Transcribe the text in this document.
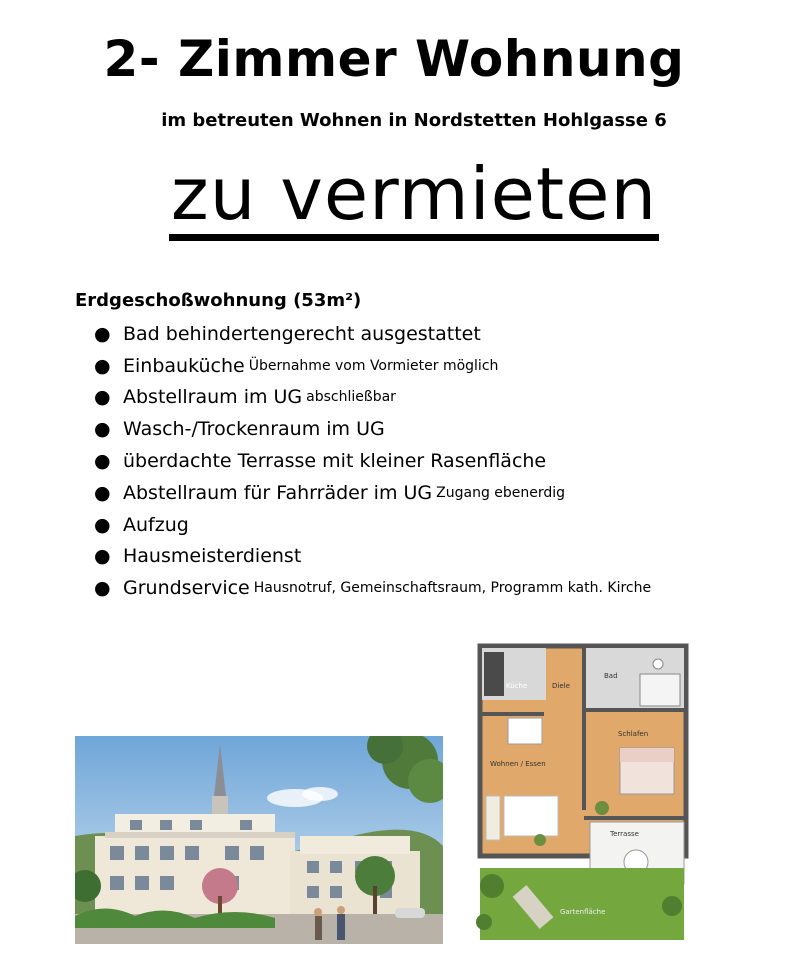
2- Zimmer Wohnung
im betreuten Wohnen in Nordstetten Hohlgasse 6
zu vermieten
Erdgeschoßwohnung (53m²)
● Bad behindertengerecht ausgestattet
● Einbauküche Übernahme vom Vormieter möglich
● Abstellraum im UG abschließbar
● Wasch-/Trockenraum im UG
● überdachte Terrasse mit kleiner Rasenfläche
● Abstellraum für Fahrräder im UG Zugang ebenerdig
● Aufzug
● Hausmeisterdienst
● Grundservice Hausnotruf, Gemeinschaftsraum, Programm kath. Kirche
Küche	Diele
Bad
Schlafen
Wohnen / Essen
Terrasse
Gartenfläche
